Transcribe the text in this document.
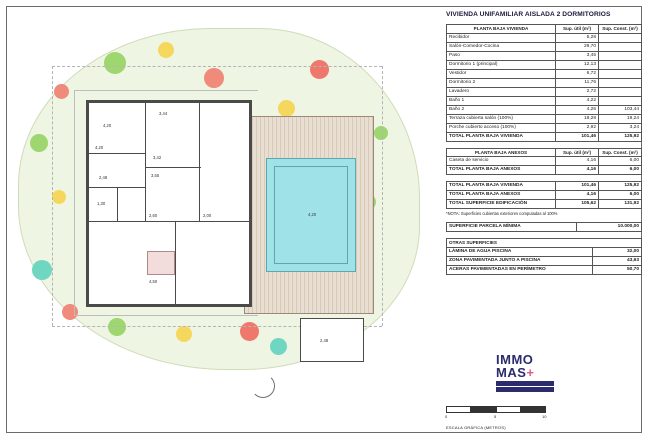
4,20
4,20
3,44
4,20
3,42
2,48	3,55
1,30
2,60	2,00
4,50
2,48
VIVIENDA UNIFAMILIAR AISLADA 2 DORMITORIOS
PLANTA BAJA VIVIENDA	Sup. útil (m²)	Sup. Const. (m²)
Recibidor	5,28	
Salón-Comedor-Cocina	29,70	
Paso	3,45	
Dormitorio 1 (principal)	12,13	
Vestidor	6,72	
Dormitorio 2	11,76	
Lavadero	2,72	
Baño 1	4,22	
Baño 2	4,26	103,44
Terraza cubierta salón (100%)	18,28	19,24
Porche cubierto acceso (100%)	2,92	3,24
TOTAL PLANTA BAJA VIVIENDA	101,46	125,92
PLANTA BAJA ANEXOS	Sup. útil (m²)	Sup. Const. (m²)
Caseta de servicio	4,16	6,00
TOTAL PLANTA BAJA ANEXOS	4,16	6,00
TOTAL PLANTA BAJA VIVIENDA	101,46	125,92
TOTAL PLANTA BAJA ANEXOS	4,16	6,00
TOTAL SUPERFICIE EDIFICACIÓN	105,62	131,92
*NOTA: Superficies cubiertas exteriores computadas al 100%
SUPERFICIE PARCELA MÍNIMA	10.000,00
OTRAS SUPERFICIES	
LÁMINA DE AGUA PISCINA	32,00
ZONA PAVIMENTADA JUNTO A PISCINA	43,63
ACERAS PAVIMENTADAS EN PERÍMETRO	50,70
IMMO
MAS+
0	5	10
ESCALA GRÁFICA (METROS)
